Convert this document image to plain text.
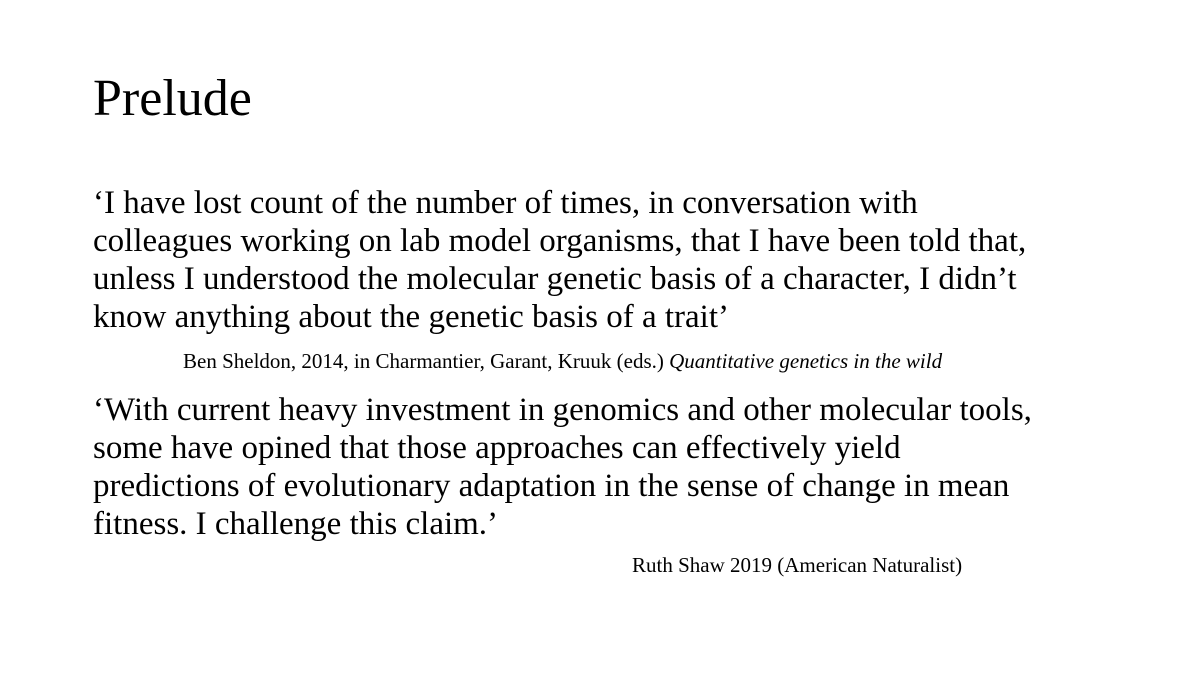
Prelude

‘I have lost count of the number of times, in conversation with
colleagues working on lab model organisms, that I have been told that,
unless I understood the molecular genetic basis of a character, I didn’t
know anything about the genetic basis of a trait’

Ben Sheldon, 2014, in Charmantier, Garant, Kruuk (eds.) Quantitative genetics in the wild

‘With current heavy investment in genomics and other molecular tools,
some have opined that those approaches can effectively yield
predictions of evolutionary adaptation in the sense of change in mean
fitness. I challenge this claim.’

Ruth Shaw 2019 (American Naturalist)
